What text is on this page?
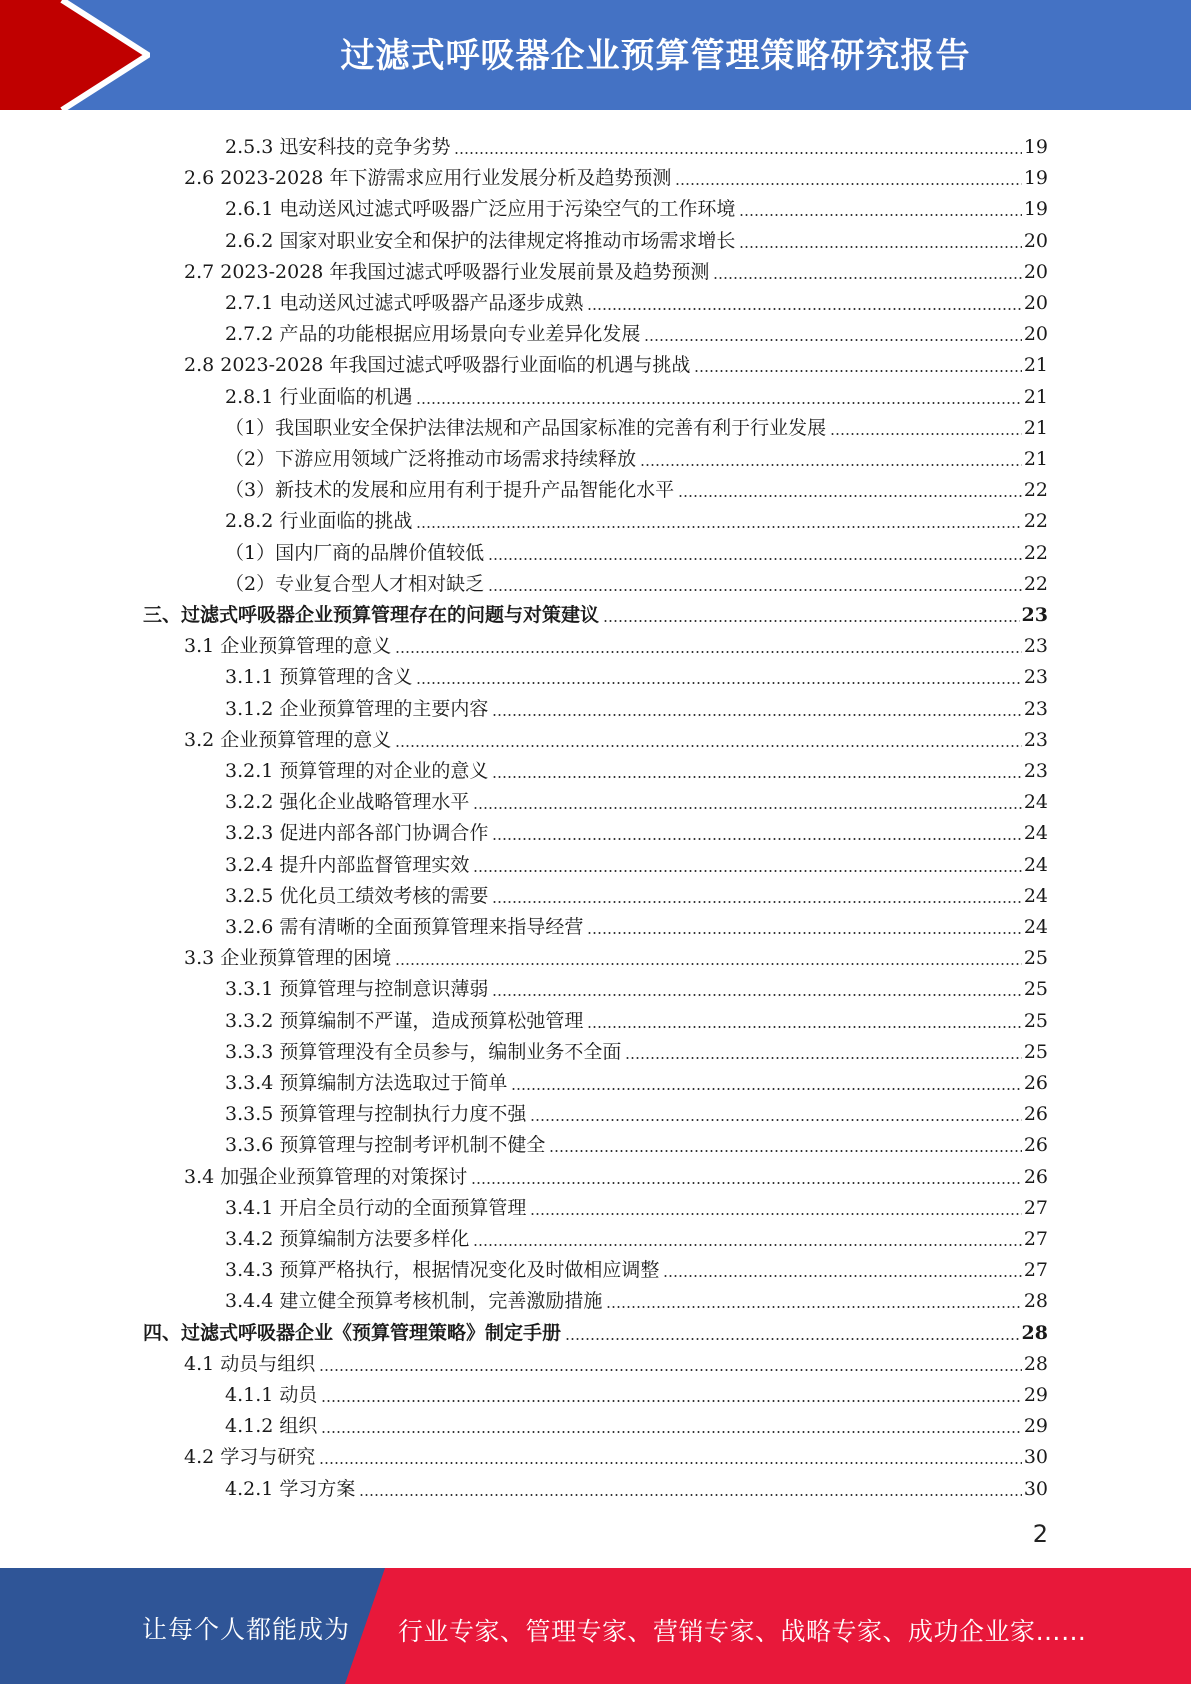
过滤式呼吸器企业预算管理策略研究报告
2.5.3 迅安科技的竞争劣势	19
2.6 2023-2028 年下游需求应用行业发展分析及趋势预测	19
2.6.1 电动送风过滤式呼吸器广泛应用于污染空气的工作环境	19
2.6.2 国家对职业安全和保护的法律规定将推动市场需求增长	20
2.7 2023-2028 年我国过滤式呼吸器行业发展前景及趋势预测	20
2.7.1 电动送风过滤式呼吸器产品逐步成熟	20
2.7.2 产品的功能根据应用场景向专业差异化发展	20
2.8 2023-2028 年我国过滤式呼吸器行业面临的机遇与挑战	21
2.8.1 行业面临的机遇	21
（1）我国职业安全保护法律法规和产品国家标准的完善有利于行业发展	21
（2）下游应用领域广泛将推动市场需求持续释放	21
（3）新技术的发展和应用有利于提升产品智能化水平	22
2.8.2 行业面临的挑战	22
（1）国内厂商的品牌价值较低	22
（2）专业复合型人才相对缺乏	22
三、过滤式呼吸器企业预算管理存在的问题与对策建议	23
3.1 企业预算管理的意义	23
3.1.1 预算管理的含义	23
3.1.2 企业预算管理的主要内容	23
3.2 企业预算管理的意义	23
3.2.1 预算管理的对企业的意义	23
3.2.2 强化企业战略管理水平	24
3.2.3 促进内部各部门协调合作	24
3.2.4 提升内部监督管理实效	24
3.2.5 优化员工绩效考核的需要	24
3.2.6 需有清晰的全面预算管理来指导经营	24
3.3 企业预算管理的困境	25
3.3.1 预算管理与控制意识薄弱	25
3.3.2 预算编制不严谨，造成预算松弛管理	25
3.3.3 预算管理没有全员参与，编制业务不全面	25
3.3.4 预算编制方法选取过于简单	26
3.3.5 预算管理与控制执行力度不强	26
3.3.6 预算管理与控制考评机制不健全	26
3.4 加强企业预算管理的对策探讨	26
3.4.1 开启全员行动的全面预算管理	27
3.4.2 预算编制方法要多样化	27
3.4.3 预算严格执行，根据情况变化及时做相应调整	27
3.4.4 建立健全预算考核机制，完善激励措施	28
四、过滤式呼吸器企业《预算管理策略》制定手册	28
4.1 动员与组织	28
4.1.1 动员	29
4.1.2 组织	29
4.2 学习与研究	30
4.2.1 学习方案	30
2
让每个人都能成为 行业专家、管理专家、营销专家、战略专家、成功企业家……
